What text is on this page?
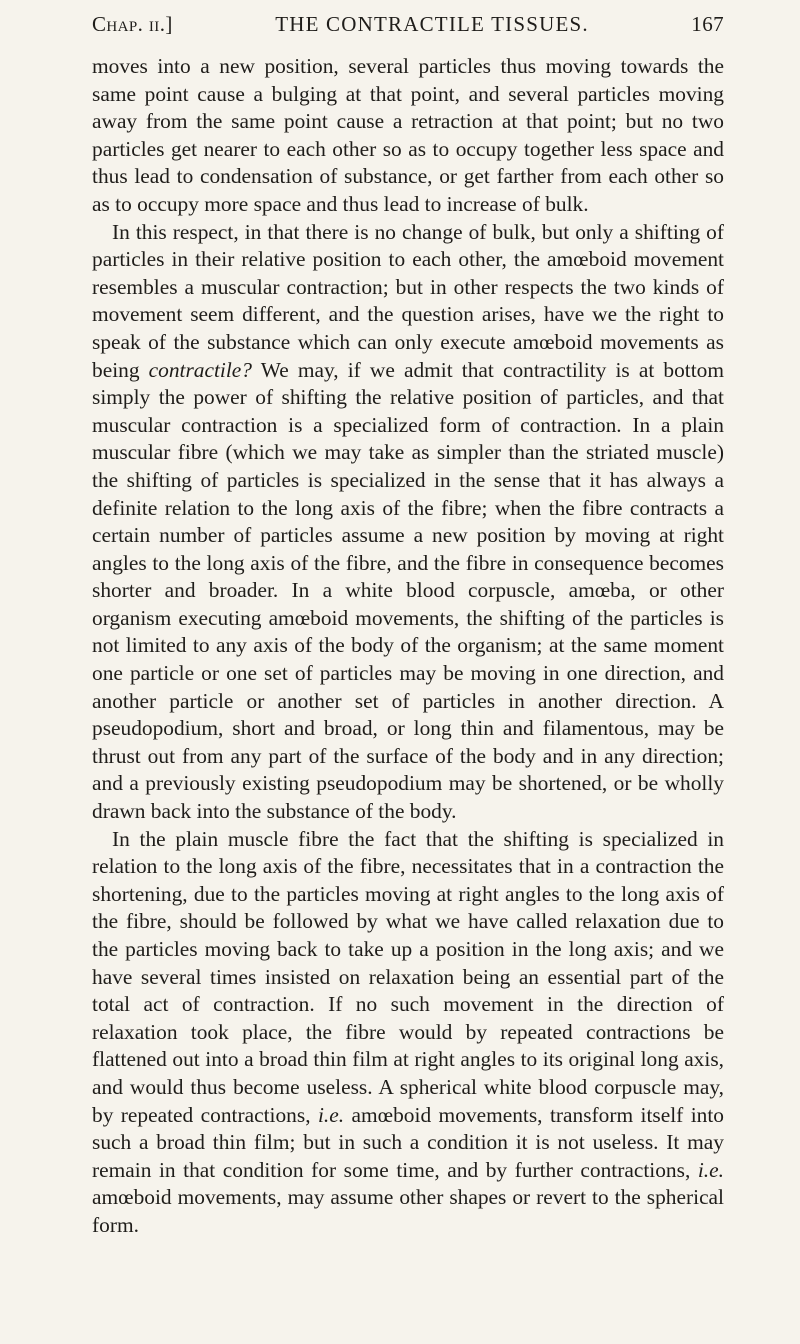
Chap. ii.]	THE CONTRACTILE TISSUES.	167

moves into a new position, several particles thus moving towards the same point cause a bulging at that point, and several particles moving away from the same point cause a retraction at that point; but no two particles get nearer to each other so as to occupy together less space and thus lead to condensation of substance, or get farther from each other so as to occupy more space and thus lead to increase of bulk.

In this respect, in that there is no change of bulk, but only a shifting of particles in their relative position to each other, the amœboid movement resembles a muscular contraction; but in other respects the two kinds of movement seem different, and the question arises, have we the right to speak of the substance which can only execute amœboid movements as being contractile? We may, if we admit that contractility is at bottom simply the power of shifting the relative position of particles, and that muscular contraction is a specialized form of contraction. In a plain muscular fibre (which we may take as simpler than the striated muscle) the shifting of particles is specialized in the sense that it has always a definite relation to the long axis of the fibre; when the fibre contracts a certain number of particles assume a new position by moving at right angles to the long axis of the fibre, and the fibre in consequence becomes shorter and broader. In a white blood corpuscle, amœba, or other organism executing amœboid movements, the shifting of the particles is not limited to any axis of the body of the organism; at the same moment one particle or one set of particles may be moving in one direction, and another particle or another set of particles in another direction. A pseudopodium, short and broad, or long thin and filamentous, may be thrust out from any part of the surface of the body and in any direction; and a previously existing pseudopodium may be shortened, or be wholly drawn back into the substance of the body.

In the plain muscle fibre the fact that the shifting is specialized in relation to the long axis of the fibre, necessitates that in a contraction the shortening, due to the particles moving at right angles to the long axis of the fibre, should be followed by what we have called relaxation due to the particles moving back to take up a position in the long axis; and we have several times insisted on relaxation being an essential part of the total act of contraction. If no such movement in the direction of relaxation took place, the fibre would by repeated contractions be flattened out into a broad thin film at right angles to its original long axis, and would thus become useless. A spherical white blood corpuscle may, by repeated contractions, i.e. amœboid movements, transform itself into such a broad thin film; but in such a condition it is not useless. It may remain in that condition for some time, and by further contractions, i.e. amœboid movements, may assume other shapes or revert to the spherical form.
